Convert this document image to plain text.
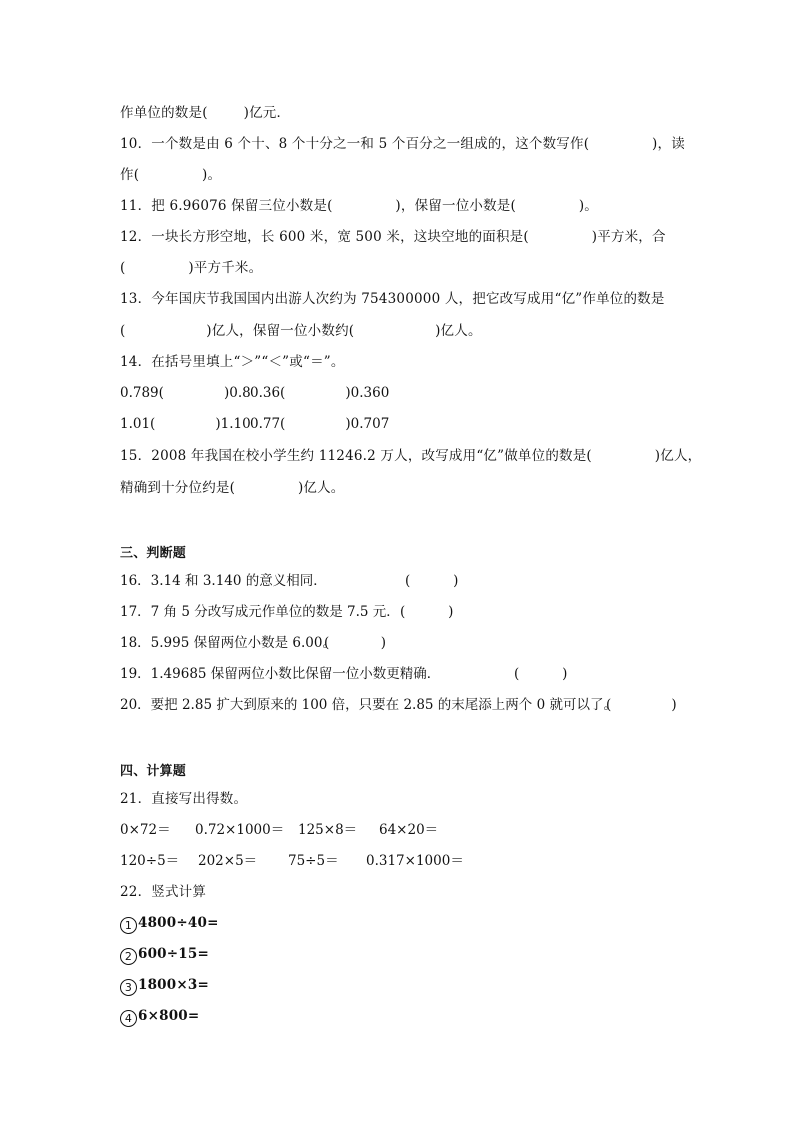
作单位的数是(        )亿元．
10．一个数是由 6 个十、8 个十分之一和 5 个百分之一组成的，这个数写作(              )，读
作(              )。
11．把 6.96076 保留三位小数是(              )，保留一位小数是(              )。
12．一块长方形空地，长 600 米，宽 500 米，这块空地的面积是(              )平方米，合
(              )平方千米。
13．今年国庆节我国国内出游人次约为 754300000 人，把它改写成用“亿”作单位的数是
(                  )亿人，保留一位小数约(                  )亿人。
14．在括号里填上“＞”“＜”或“＝”。

0.789(              )0.8

0.36(              )0.360

1.01(              )1.10

0.77(              )0.707

15．2008 年我国在校小学生约 11246.2 万人，改写成用“亿”做单位的数是(              )亿人，
精确到十分位约是(              )亿人。
三、判断题

16．3.14 和 3.140 的意义相同．

	(          )

17．7 角 5 分改写成元作单位的数是 7.5 元．

(          )

18．5.995 保留两位小数是 6.00。

(            )

19．1.49685 保留两位小数比保留一位小数更精确．

	(          )

20．要把 2.85 扩大到原来的 100 倍，只要在 2.85 的末尾添上两个 0 就可以了。

(              )

四、计算题
21．直接写出得数。

0×72＝

0.72×1000＝

125×8＝

64×20＝

120÷5＝

202×5＝

75÷5＝

0.317×1000＝

22．竖式计算
1 4800÷40=
2 600÷15=
3 1800×3=
4 6×800=
